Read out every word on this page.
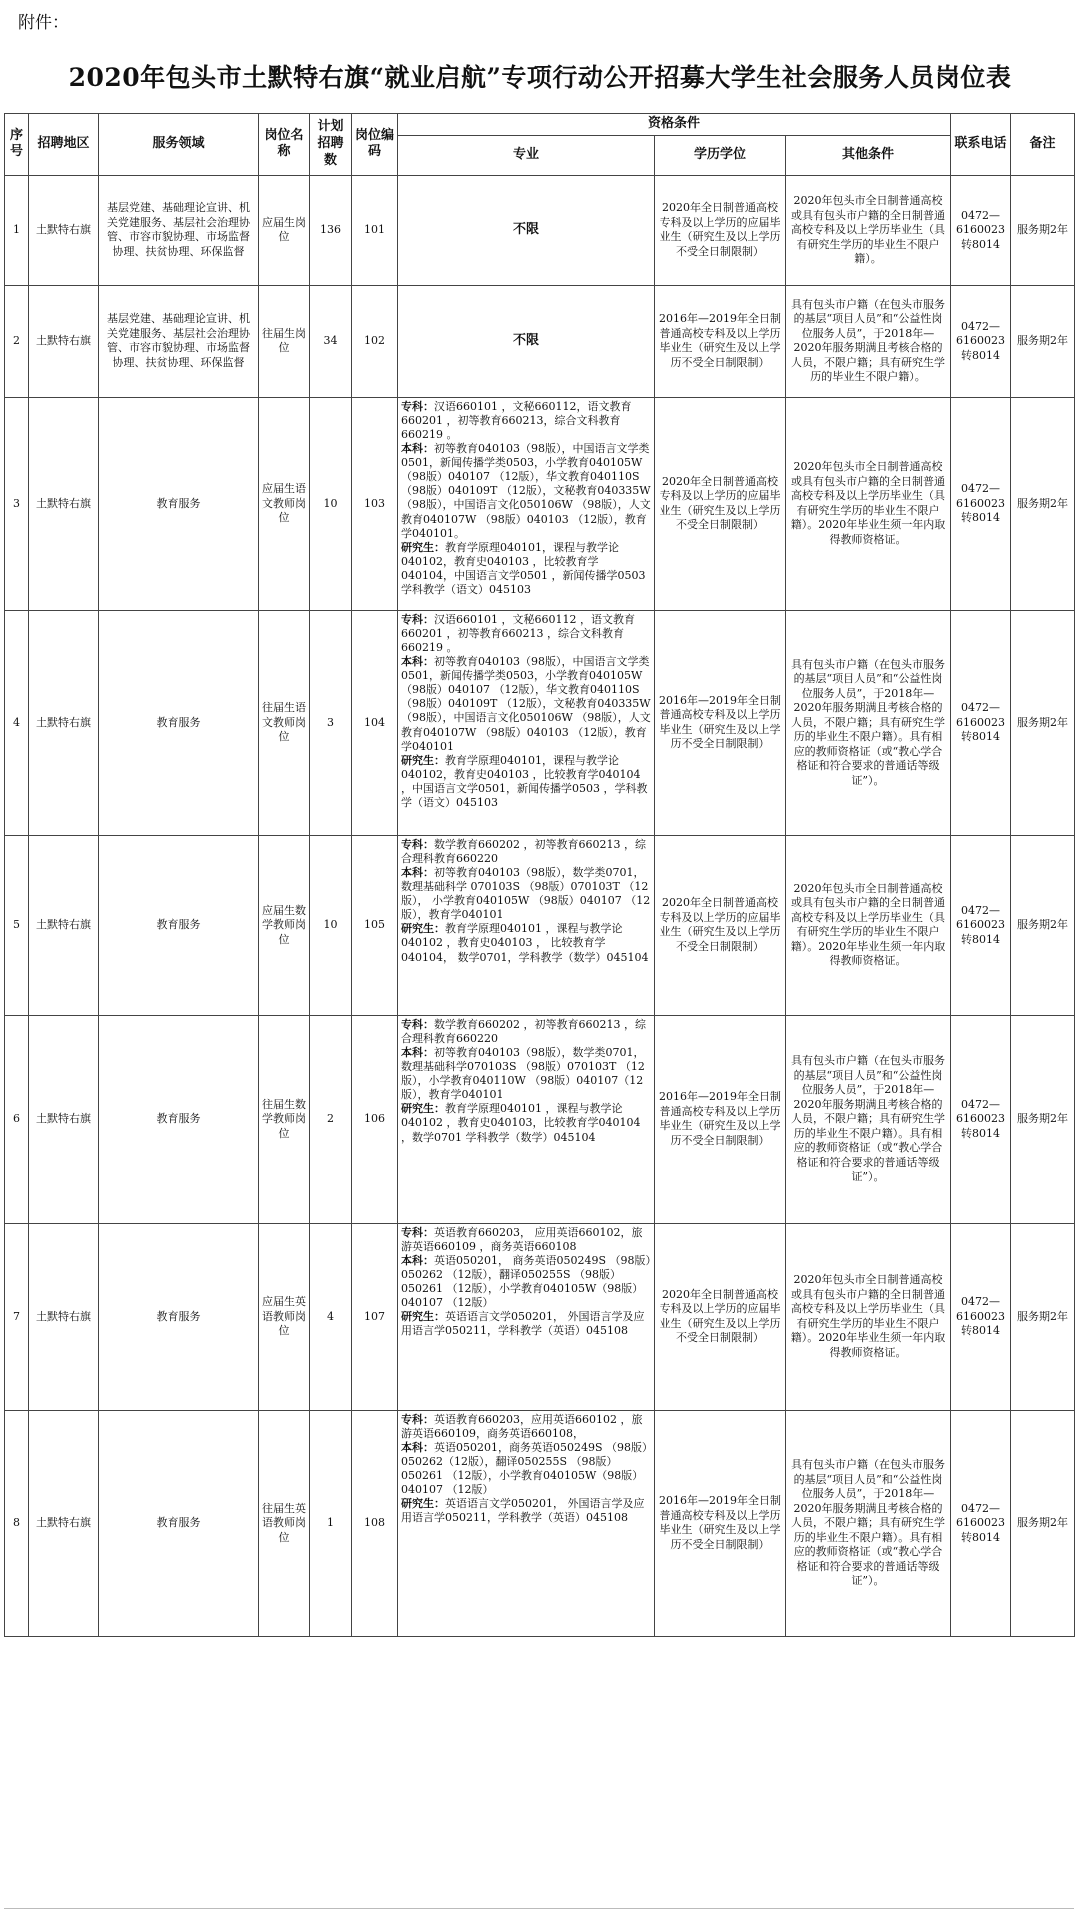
附件：
2020年包头市土默特右旗“就业启航”专项行动公开招募大学生社会服务人员岗位表
序号	招聘地区	服务领域	岗位名称	计划招聘数	岗位编码	资格条件			联系电话	备注
						专业	学历学位	其他条件		
1	土默特右旗	基层党建、基础理论宣讲、机关党建服务、基层社会治理协管、市容市貌协理、市场监督协理、扶贫协理、环保监督	应届生岗位	136	101	不限	2020年全日制普通高校专科及以上学历的应届毕业生（研究生及以上学历不受全日制限制）	2020年包头市全日制普通高校或具有包头市户籍的全日制普通高校专科及以上学历毕业生（具有研究生学历的毕业生不限户籍）。	0472—6160023转8014	服务期2年
2	土默特右旗	基层党建、基础理论宣讲、机关党建服务、基层社会治理协管、市容市貌协理、市场监督协理、扶贫协理、环保监督	往届生岗位	34	102	不限	2016年—2019年全日制普通高校专科及以上学历毕业生（研究生及以上学历不受全日制限制）	具有包头市户籍（在包头市服务的基层“项目人员”和“公益性岗位服务人员”，于2018年—2020年服务期满且考核合格的人员，不限户籍；具有研究生学历的毕业生不限户籍）。	0472—6160023转8014	服务期2年
3	土默特右旗	教育服务	应届生语文教师岗位	10	103	专科：汉语660101 ，文秘660112，语文教育660201 ，初等教育660213，综合文科教育660219 。
本科：初等教育040103（98版），中国语言文学类0501，新闻传播学类0503，小学教育040105W （98版）040107 （12版），华文教育040110S （98版）040109T （12版），文秘教育040335W （98版），中国语言文化050106W （98版），人文教育040107W （98版）040103 （12版），教育学040101。
研究生：教育学原理040101，课程与教学论040102，教育史040103 ，比较教育学040104，中国语言文学0501 ，新闻传播学0503 学科教学（语文）045103	2020年全日制普通高校专科及以上学历的应届毕业生（研究生及以上学历不受全日制限制）	2020年包头市全日制普通高校或具有包头市户籍的全日制普通高校专科及以上学历毕业生（具有研究生学历的毕业生不限户籍）。2020年毕业生须一年内取得教师资格证。	0472—6160023转8014	服务期2年
4	土默特右旗	教育服务	往届生语文教师岗位	3	104	专科：汉语660101 ，文秘660112 ，语文教育660201 ，初等教育660213 ，综合文科教育660219 。
本科：初等教育040103（98版），中国语言文学类0501，新闻传播学类0503，小学教育040105W （98版）040107 （12版），华文教育040110S （98版）040109T （12版），文秘教育040335W （98版），中国语言文化050106W （98版），人文教育040107W （98版）040103 （12版），教育学040101
研究生：教育学原理040101，课程与教学论040102，教育史040103 ，比较教育学040104 ，中国语言文学0501，新闻传播学0503 ，学科教学（语文）045103	2016年—2019年全日制普通高校专科及以上学历毕业生（研究生及以上学历不受全日制限制）	具有包头市户籍（在包头市服务的基层“项目人员”和“公益性岗位服务人员”，于2018年—2020年服务期满且考核合格的人员，不限户籍；具有研究生学历的毕业生不限户籍）。具有相应的教师资格证（或“教心学合格证和符合要求的普通话等级证”）。	0472—6160023转8014	服务期2年
5	土默特右旗	教育服务	应届生数学教师岗位	10	105	专科：数学教育660202 ，初等教育660213 ，综合理科教育660220
本科：初等教育040103（98版），数学类0701， 数理基础科学 070103S （98版）070103T （12版）， 小学教育040105W （98版）040107 （12版），教育学040101
研究生：教育学原理040101 ，课程与教学论040102 ，教育史040103 ， 比较教育学040104， 数学0701，学科教学（数学）045104	2020年全日制普通高校专科及以上学历的应届毕业生（研究生及以上学历不受全日制限制）	2020年包头市全日制普通高校或具有包头市户籍的全日制普通高校专科及以上学历毕业生（具有研究生学历的毕业生不限户籍）。2020年毕业生须一年内取得教师资格证。	0472—6160023转8014	服务期2年
6	土默特右旗	教育服务	往届生数学教师岗位	2	106	专科：数学教育660202 ，初等教育660213 ，综合理科教育660220
本科：初等教育040103（98版），数学类0701，数理基础科学070103S （98版）070103T （12版），小学教育040110W （98版）040107（12版），教育学040101
研究生：教育学原理040101 ，课程与教学论040102 ，教育史040103，比较教育学040104 ，数学0701 学科教学（数学）045104	2016年—2019年全日制普通高校专科及以上学历毕业生（研究生及以上学历不受全日制限制）	具有包头市户籍（在包头市服务的基层“项目人员”和“公益性岗位服务人员”，于2018年—2020年服务期满且考核合格的人员，不限户籍；具有研究生学历的毕业生不限户籍）。具有相应的教师资格证（或“教心学合格证和符合要求的普通话等级证”）。	0472—6160023转8014	服务期2年
7	土默特右旗	教育服务	应届生英语教师岗位	4	107	专科：英语教育660203， 应用英语660102，旅游英语660109 ，商务英语660108
本科：英语050201， 商务英语050249S （98版）050262 （12版），翻译050255S （98版）050261 （12版），小学教育040105W（98版）040107 （12版）
研究生：英语语言文学050201， 外国语言学及应用语言学050211，学科教学（英语）045108	2020年全日制普通高校专科及以上学历的应届毕业生（研究生及以上学历不受全日制限制）	2020年包头市全日制普通高校或具有包头市户籍的全日制普通高校专科及以上学历毕业生（具有研究生学历的毕业生不限户籍）。2020年毕业生须一年内取得教师资格证。	0472—6160023转8014	服务期2年
8	土默特右旗	教育服务	往届生英语教师岗位	1	108	专科：英语教育660203，应用英语660102 ，旅游英语660109，商务英语660108，
本科：英语050201，商务英语050249S （98版）050262（12版），翻译050255S （98版）050261 （12版），小学教育040105W（98版）040107 （12版）
研究生：英语语言文学050201， 外国语言学及应用语言学050211，学科教学（英语）045108	2016年—2019年全日制普通高校专科及以上学历毕业生（研究生及以上学历不受全日制限制）	具有包头市户籍（在包头市服务的基层“项目人员”和“公益性岗位服务人员”，于2018年—2020年服务期满且考核合格的人员，不限户籍；具有研究生学历的毕业生不限户籍）。具有相应的教师资格证（或“教心学合格证和符合要求的普通话等级证”）。	0472—6160023转8014	服务期2年
